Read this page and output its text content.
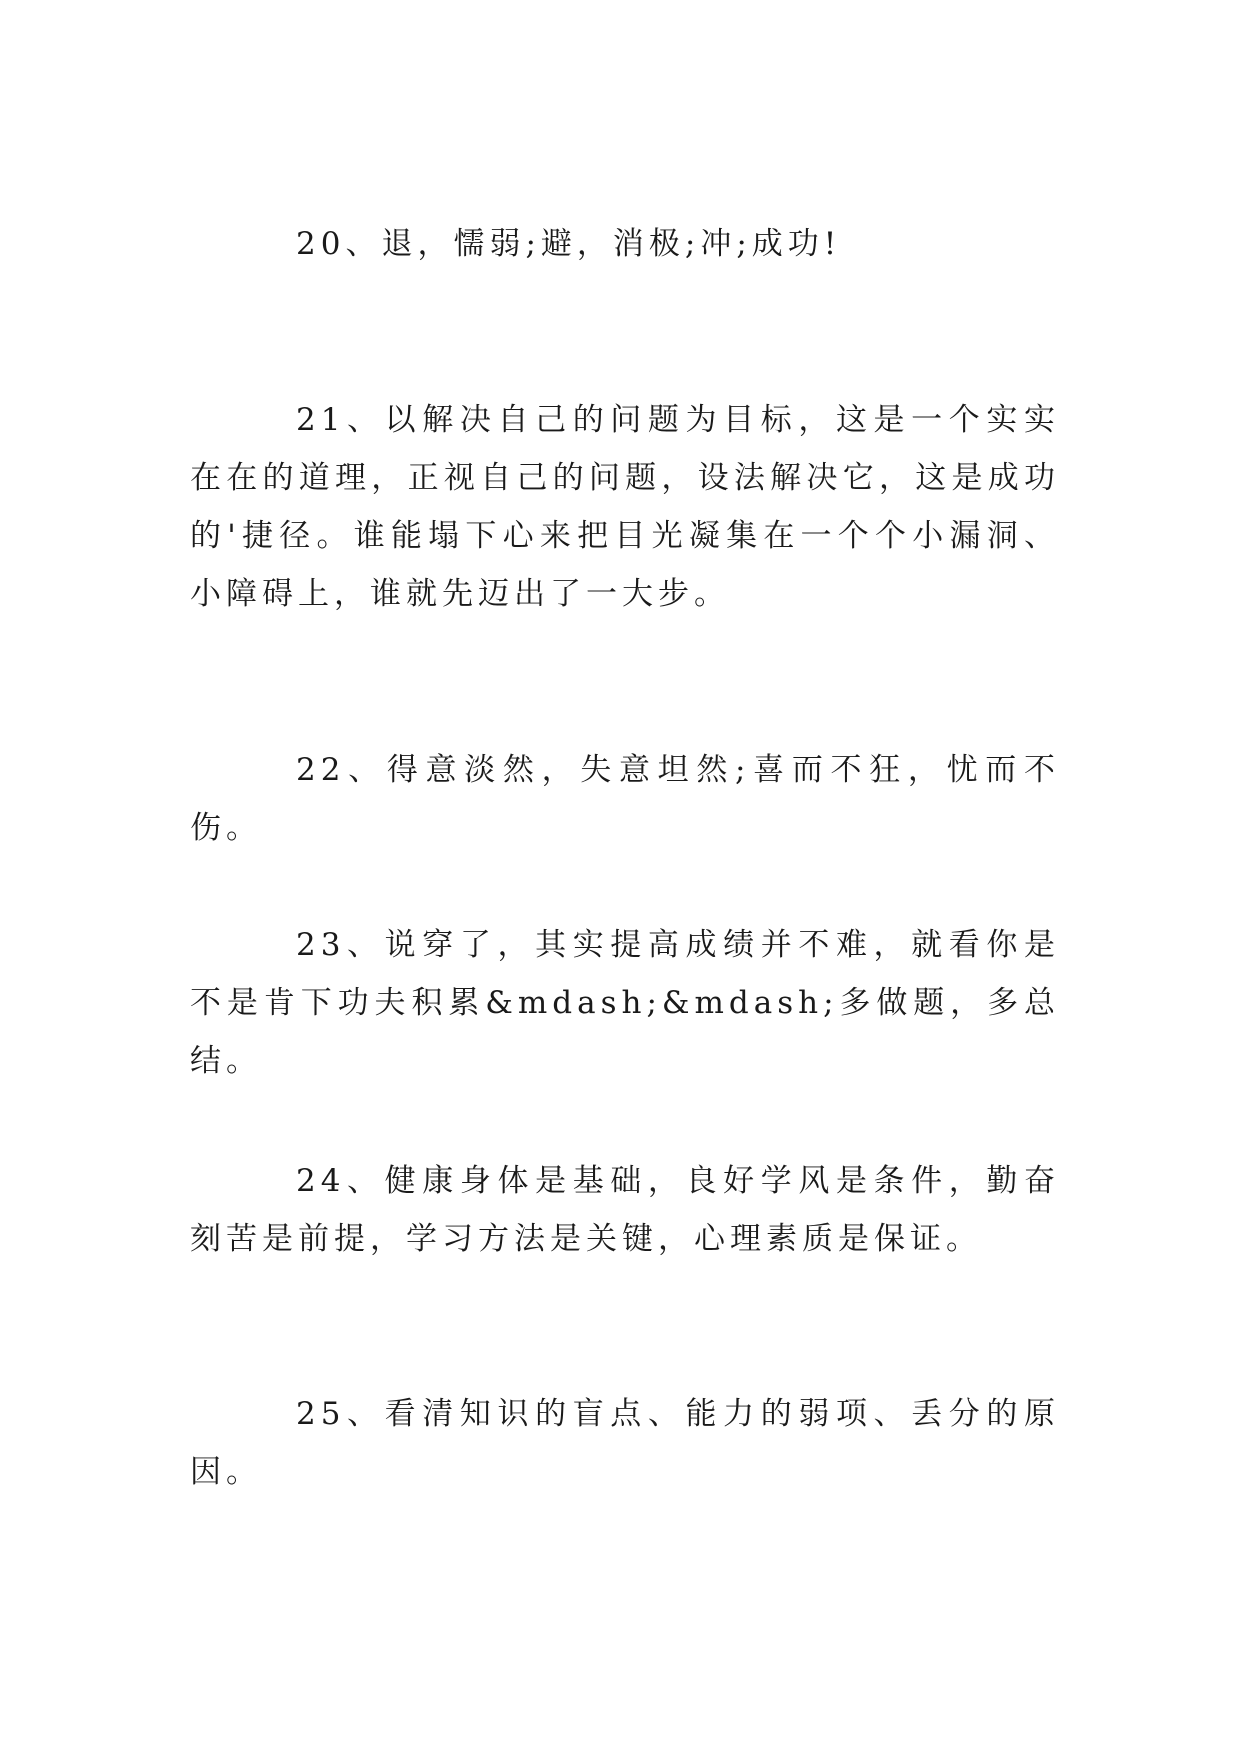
20、退，懦弱;避，消极;冲;成功!

21、以解决自己的问题为目标，这是一个实实在在的道理，正视自己的问题，设法解决它，这是成功的'捷径。谁能塌下心来把目光凝集在一个个小漏洞、小障碍上，谁就先迈出了一大步。

22、得意淡然，失意坦然;喜而不狂，忧而不伤。

23、说穿了，其实提高成绩并不难，就看你是不是肯下功夫积累&mdash;&mdash;多做题，多总结。

24、健康身体是基础，良好学风是条件，勤奋刻苦是前提，学习方法是关键，心理素质是保证。

25、看清知识的盲点、能力的弱项、丢分的原因。
